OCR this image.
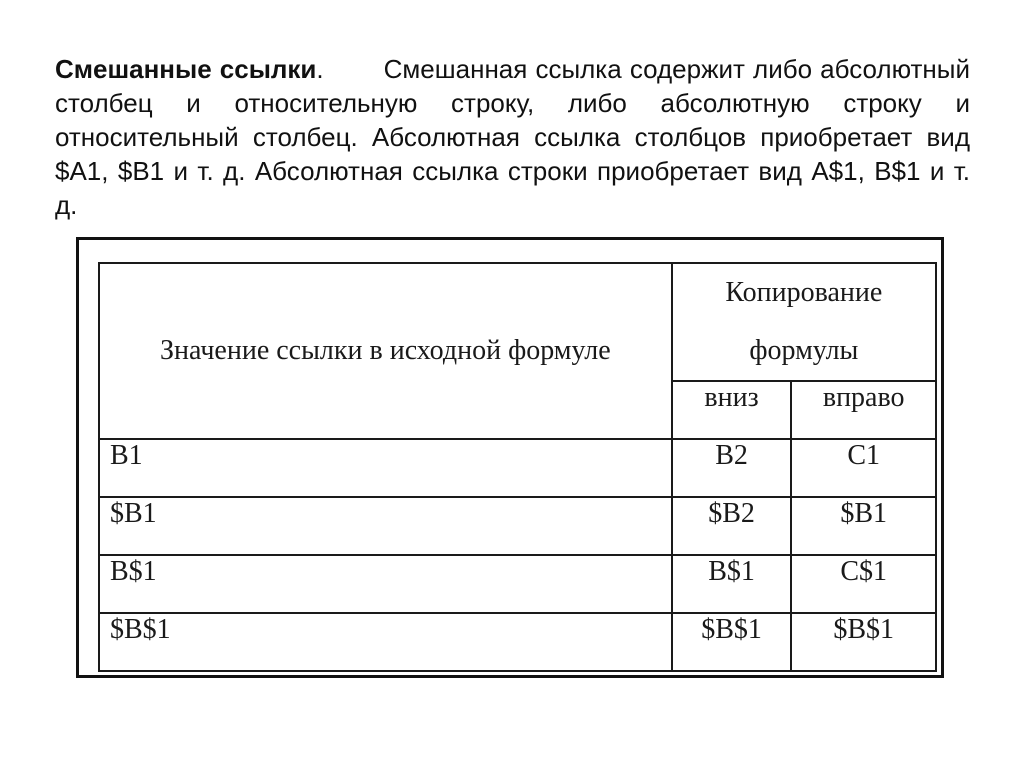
Смешанные ссылки. Смешанная ссылка содержит либо абсолютный столбец и относительную строку, либо абсолютную строку и относительный столбец. Абсолютная ссылка столбцов приобретает вид $A1, $B1 и т. д. Абсолютная ссылка строки приобретает вид A$1, B$1 и т. д.

Значение ссылки в исходной формуле	Копирование
формулы	
	вниз	вправо
B1	B2	C1
$B1	$B2	$B1
B$1	B$1	C$1
$B$1	$B$1	$B$1
